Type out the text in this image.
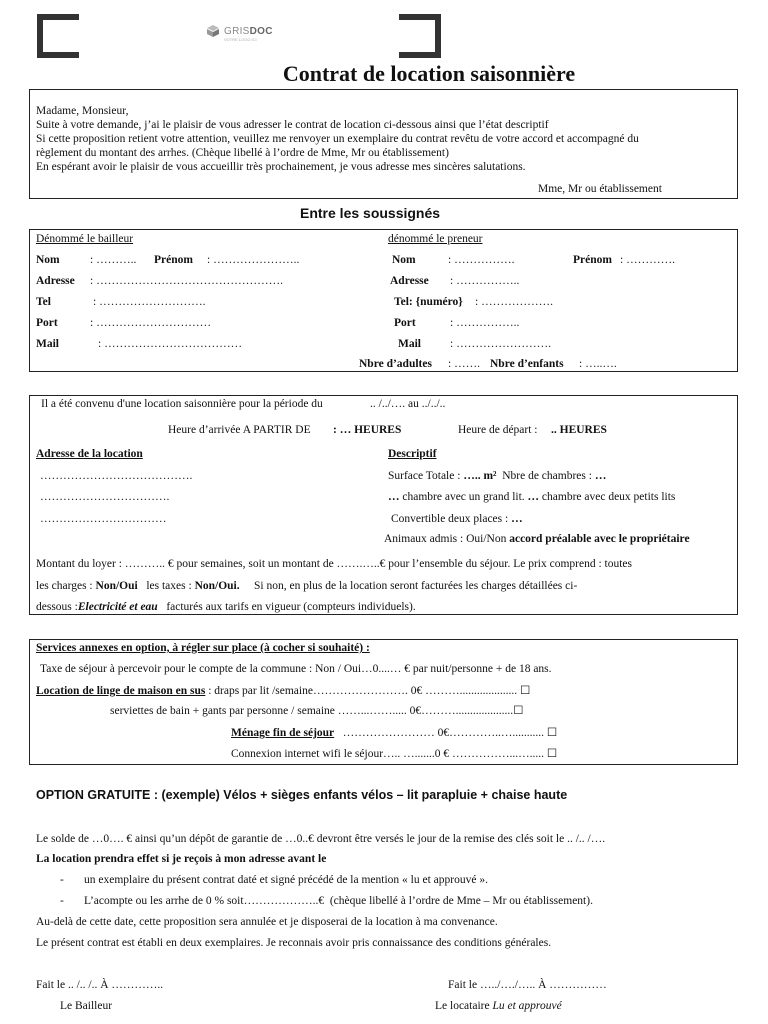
GRISDOC
VOTRE LOGO ICI
Contrat de location saisonnière
Madame, Monsieur,
Suite à votre demande, j’ai le plaisir de vous adresser le contrat de location ci-dessous ainsi que l’état descriptif
Si cette proposition retient votre attention, veuillez me renvoyer un exemplaire du contrat revêtu de votre accord et accompagné du
règlement du montant des arrhes. (Chèque libellé à l’ordre de Mme, Mr ou établissement)
En espérant avoir le plaisir de vous accueillir très prochainement, je vous adresse mes sincères salutations.
Mme, Mr ou établissement
Entre les soussignés
Dénommé le bailleur
Nom	: ……….. Prénom : …………………..
Adresse : ………………………………………….
Tel	: ……………………….
Port	: …………………………
Mail	: ………………………………
dénommé le preneur
Nom	: …………….	Prénom : ………….
Adresse : ……………..
Tel: {numéro} : ……………….
Port	: ……………..
Mail	: …………………….
Nbre d’adultes : ……. Nbre d’enfants : …..….
Il a été convenu d'une location saisonnière pour la période du	.. /../…. au ../../..
Heure d’arrivée A PARTIR DE : … HEURES	Heure de départ : .. HEURES
Adresse de la location
………………………………….
…………………………….
……………………………
Descriptif
Surface Totale : ….. m² Nbre de chambres : …
… chambre avec un grand lit. … chambre avec deux petits lits
Convertible deux places : …
Animaux admis : Oui/Non accord préalable avec le propriétaire
Montant du loyer : ……….. € pour semaines, soit un montant de …….…..€ pour l’ensemble du séjour. Le prix comprend : toutes
les charges : Non/Oui les taxes : Non/Oui. Si non, en plus de la location seront facturées les charges détaillées ci-
dessous :Electricité et eau facturés aux tarifs en vigueur (compteurs individuels).
Services annexes en option, à régler sur place (à cocher si souhaité) :
Taxe de séjour à percevoir pour le compte de la commune : Non / Oui…0....… € par nuit/personne + de 18 ans.
Location de linge de maison en sus : draps par lit /semaine……………………. 0€ ……….................... ☐
serviettes de bain + gants par personne / semaine ……...……..... 0€………....................☐
Ménage fin de séjour …………………… 0€…………..…........... ☐
Connexion internet wifi le séjour….. ….......0 € ……………...…..... ☐
OPTION GRATUITE : (exemple) Vélos + sièges enfants vélos – lit parapluie + chaise haute
Le solde de …0…. € ainsi qu’un dépôt de garantie de …0..€ devront être versés le jour de la remise des clés soit le .. /.. /….
La location prendra effet si je reçois à mon adresse avant le
- un exemplaire du présent contrat daté et signé précédé de la mention « lu et approuvé ».
- L’acompte ou les arrhe de 0 % soit………………..€ (chèque libellé à l’ordre de Mme – Mr ou établissement).
Au-delà de cette date, cette proposition sera annulée et je disposerai de la location à ma convenance.
Le présent contrat est établi en deux exemplaires. Je reconnais avoir pris connaissance des conditions générales.
Fait le .. /.. /.. À …………..
Le Bailleur
Fait le …../…./….. À ……………
Le locataire Lu et approuvé
